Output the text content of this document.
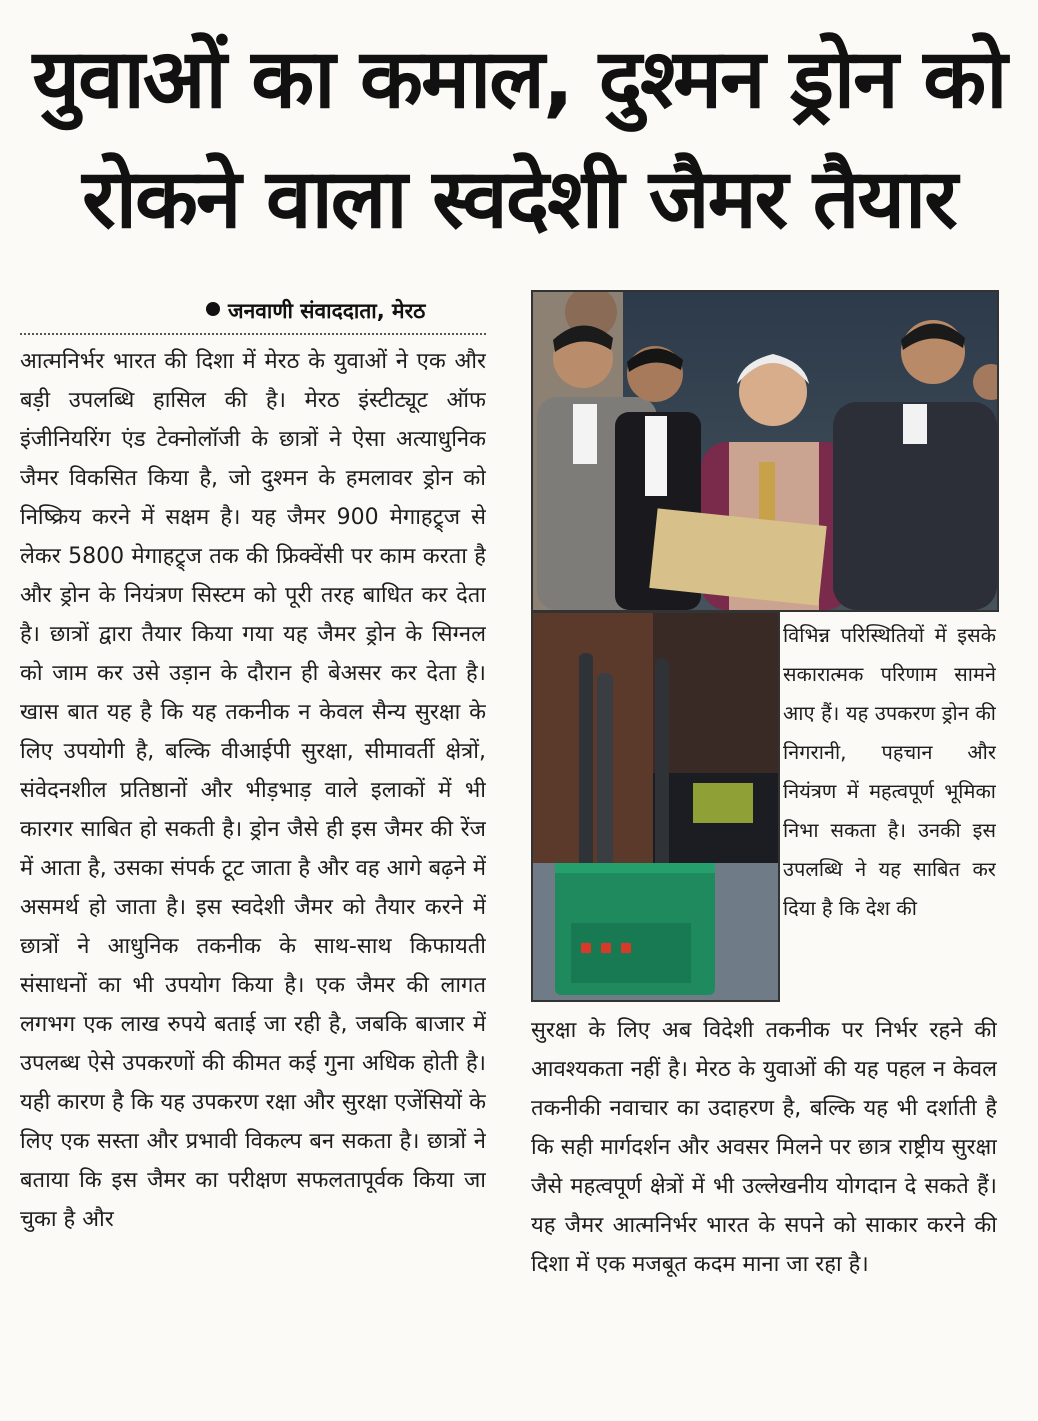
युवाओं का कमाल, दुश्मन ड्रोन को
रोकने वाला स्वदेशी जैमर तैयार
जनवाणी संवाददाता, मेरठ

आत्मनिर्भर भारत की दिशा में मेरठ के युवाओं ने एक और बड़ी उपलब्धि हासिल की है। मेरठ इंस्टीट्यूट ऑफ इंजीनियरिंग एंड टेक्नोलॉजी के छात्रों ने ऐसा अत्याधुनिक जैमर विकसित किया है, जो दुश्मन के हमलावर ड्रोन को निष्क्रिय करने में सक्षम है। यह जैमर 900 मेगाहट्र्ज से लेकर 5800 मेगाहट्र्ज तक की फ्रिक्वेंसी पर काम करता है और ड्रोन के नियंत्रण सिस्टम को पूरी तरह बाधित कर देता है। छात्रों द्वारा तैयार किया गया यह जैमर ड्रोन के सिग्नल को जाम कर उसे उड़ान के दौरान ही बेअसर कर देता है। खास बात यह है कि यह तकनीक न केवल सैन्य सुरक्षा के लिए उपयोगी है, बल्कि वीआईपी सुरक्षा, सीमावर्ती क्षेत्रों, संवेदनशील प्रतिष्ठानों और भीड़भाड़ वाले इलाकों में भी कारगर साबित हो सकती है। ड्रोन जैसे ही इस जैमर की रेंज में आता है, उसका संपर्क टूट जाता है और वह आगे बढ़ने में असमर्थ हो जाता है। इस स्वदेशी जैमर को तैयार करने में छात्रों ने आधुनिक तकनीक के साथ-साथ किफायती संसाधनों का भी उपयोग किया है। एक जैमर की लागत लगभग एक लाख रुपये बताई जा रही है, जबकि बाजार में उपलब्ध ऐसे उपकरणों की कीमत कई गुना अधिक होती है। यही कारण है कि यह उपकरण रक्षा और सुरक्षा एजेंसियों के लिए एक सस्ता और प्रभावी विकल्प बन सकता है। छात्रों ने बताया कि इस जैमर का परीक्षण सफलतापूर्वक किया जा चुका है और

विभिन्न परिस्थितियों में इसके सकारात्मक परिणाम सामने आए हैं। यह उपकरण ड्रोन की निगरानी, पहचान और नियंत्रण में महत्वपूर्ण भूमिका निभा सकता है। उनकी इस उपलब्धि ने यह साबित कर दिया है कि देश की

सुरक्षा के लिए अब विदेशी तकनीक पर निर्भर रहने की आवश्यकता नहीं है। मेरठ के युवाओं की यह पहल न केवल तकनीकी नवाचार का उदाहरण है, बल्कि यह भी दर्शाती है कि सही मार्गदर्शन और अवसर मिलने पर छात्र राष्ट्रीय सुरक्षा जैसे महत्वपूर्ण क्षेत्रों में भी उल्लेखनीय योगदान दे सकते हैं। यह जैमर आत्मनिर्भर भारत के सपने को साकार करने की दिशा में एक मजबूत कदम माना जा रहा है।
